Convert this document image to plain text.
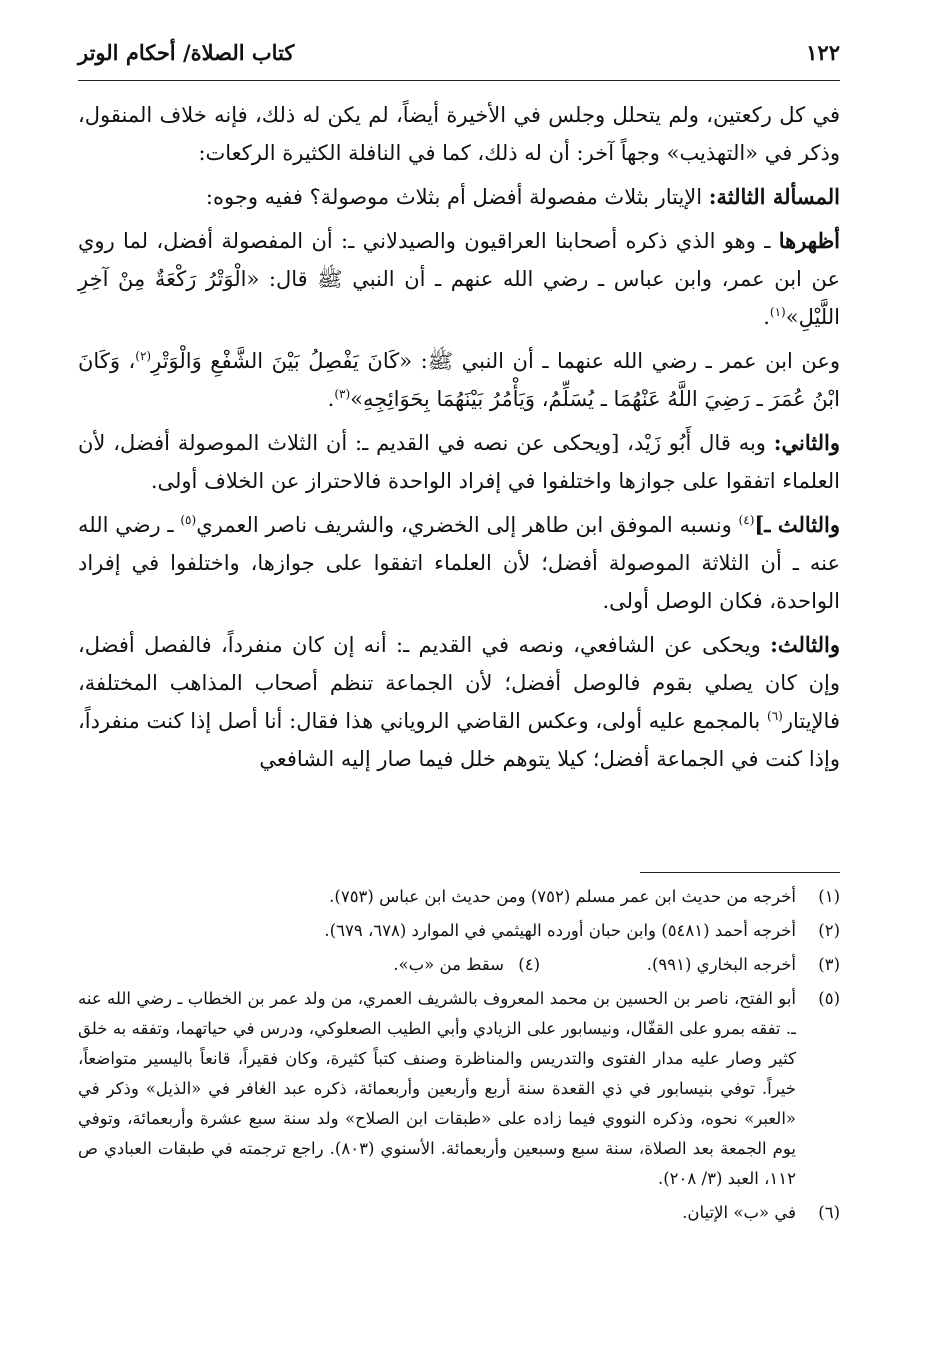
١٢٢
كتاب الصلاة/ أحكام الوتر

في كل ركعتين، ولم يتحلل وجلس في الأخيرة أيضاً، لم يكن له ذلك، فإنه خلاف المنقول، وذكر في «التهذيب» وجهاً آخر: أن له ذلك، كما في النافلة الكثيرة الركعات:

المسألة الثالثة: الإيتار بثلاث مفصولة أفضل أم بثلاث موصولة؟ ففيه وجوه:

أظهرها ـ وهو الذي ذكره أصحابنا العراقيون والصيدلاني ـ: أن المفصولة أفضل، لما روي عن ابن عمر، وابن عباس ـ رضي الله عنهم ـ أن النبي ﷺ قال: «الْوَتْرُ رَكْعَةٌ مِنْ آخِرِ اللَّيْلِ»$^{(١)}$.

وعن ابن عمر ـ رضي الله عنهما ـ أن النبي ﷺ: «كَانَ يَفْصِلُ بَيْنَ الشَّفْعِ وَالْوَتْرِ$^{(٢)}$، وَكَانَ ابْنُ عُمَرَ ـ رَضِيَ اللَّهُ عَنْهُمَا ـ يُسَلِّمُ، وَيَأْمُرُ بَيْنَهُمَا بِحَوَائِجِهِ»$^{(٣)}$.

والثاني: وبه قال أَبُو زَيْد، [ويحكى عن نصه في القديم ـ: أن الثلاث الموصولة أفضل، لأن العلماء اتفقوا على جوازها واختلفوا في إفراد الواحدة فالاحتراز عن الخلاف أولى.

والثالث ـ]$^{(٤)}$ ونسبه الموفق ابن طاهر إلى الخضري، والشريف ناصر العمري$^{(٥)}$ ـ رضي الله عنه ـ أن الثلاثة الموصولة أفضل؛ لأن العلماء اتفقوا على جوازها، واختلفوا في إفراد الواحدة، فكان الوصل أولى.

والثالث: ويحكى عن الشافعي، ونصه في القديم ـ: أنه إن كان منفرداً، فالفصل أفضل، وإن كان يصلي بقوم فالوصل أفضل؛ لأن الجماعة تنظم أصحاب المذاهب المختلفة، فالإيتار$^{(٦)}$ بالمجمع عليه أولى، وعكس القاضي الروياني هذا فقال: أنا أصل إذا كنت منفرداً، وإذا كنت في الجماعة أفضل؛ كيلا يتوهم خلل فيما صار إليه الشافعي

(١)
أخرجه من حديث ابن عمر مسلم (٧٥٢) ومن حديث ابن عباس (٧٥٣).
(٢)
أخرجه أحمد (٥٤٨١) وابن حبان أورده الهيثمي في الموارد (٦٧٨، ٦٧٩).
(٣)
أخرجه البخاري (٩٩١).
(٤)
سقط من «ب».
(٥)
أبو الفتح، ناصر بن الحسين بن محمد المعروف بالشريف العمري، من ولد عمر بن الخطاب ـ رضي الله عنه ـ. تفقه بمرو على القفّال، ونيسابور على الزيادي وأبي الطيب الصعلوكي، ودرس في حياتهما، وتفقه به خلق كثير وصار عليه مدار الفتوى والتدريس والمناظرة وصنف كتباً كثيرة، وكان فقيراً، قانعاً باليسير متواضعاً، خيراً. توفي بنيسابور في ذي القعدة سنة أربع وأربعين وأربعمائة، ذكره عبد الغافر في «الذيل» وذكر في «العبر» نحوه، وذكره النووي فيما زاده على «طبقات ابن الصلاح» ولد سنة سبع عشرة وأربعمائة، وتوفي يوم الجمعة بعد الصلاة، سنة سبع وسبعين وأربعمائة. الأسنوي (٨٠٣). راجع ترجمته في طبقات العبادي ص ١١٢، العبد (٣/ ٢٠٨).
(٦)
في «ب» الإتيان.
